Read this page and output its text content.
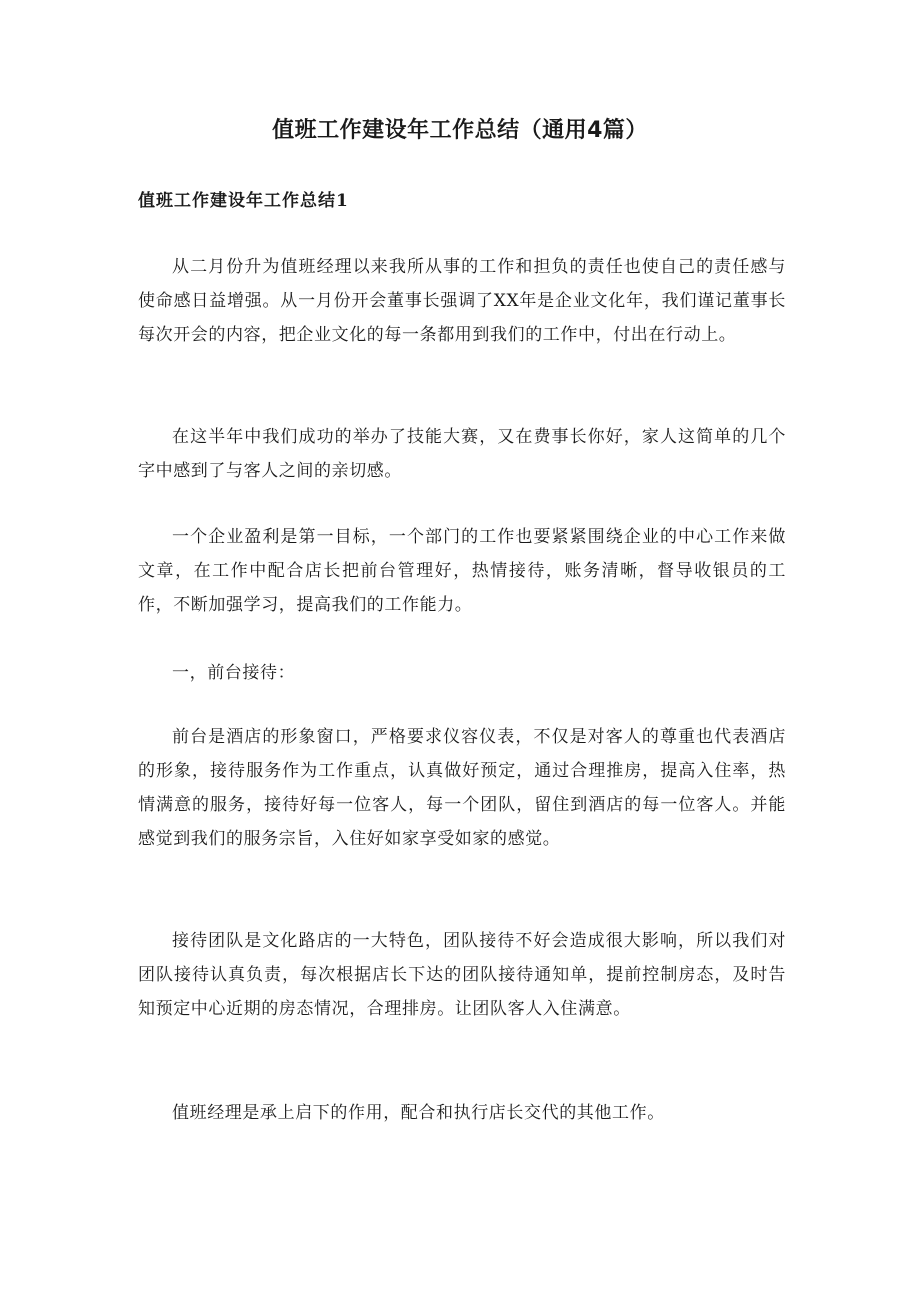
值班工作建设年工作总结（通用4篇）
值班工作建设年工作总结1

从二月份升为值班经理以来我所从事的工作和担负的责任也使自己的责任感与使命感日益增强。从一月份开会董事长强调了XX年是企业文化年，我们谨记董事长每次开会的内容，把企业文化的每一条都用到我们的工作中，付出在行动上。

在这半年中我们成功的举办了技能大赛，又在费事长你好，家人这简单的几个字中感到了与客人之间的亲切感。

一个企业盈利是第一目标，一个部门的工作也要紧紧围绕企业的中心工作来做文章，在工作中配合店长把前台管理好，热情接待，账务清晰，督导收银员的工作，不断加强学习，提高我们的工作能力。

一，前台接待：

前台是酒店的形象窗口，严格要求仪容仪表，不仅是对客人的尊重也代表酒店的形象，接待服务作为工作重点，认真做好预定，通过合理推房，提高入住率，热情满意的服务，接待好每一位客人，每一个团队，留住到酒店的每一位客人。并能感觉到我们的服务宗旨，入住好如家享受如家的感觉。

接待团队是文化路店的一大特色，团队接待不好会造成很大影响，所以我们对团队接待认真负责，每次根据店长下达的团队接待通知单，提前控制房态，及时告知预定中心近期的房态情况，合理排房。让团队客人入住满意。

值班经理是承上启下的作用，配合和执行店长交代的其他工作。
